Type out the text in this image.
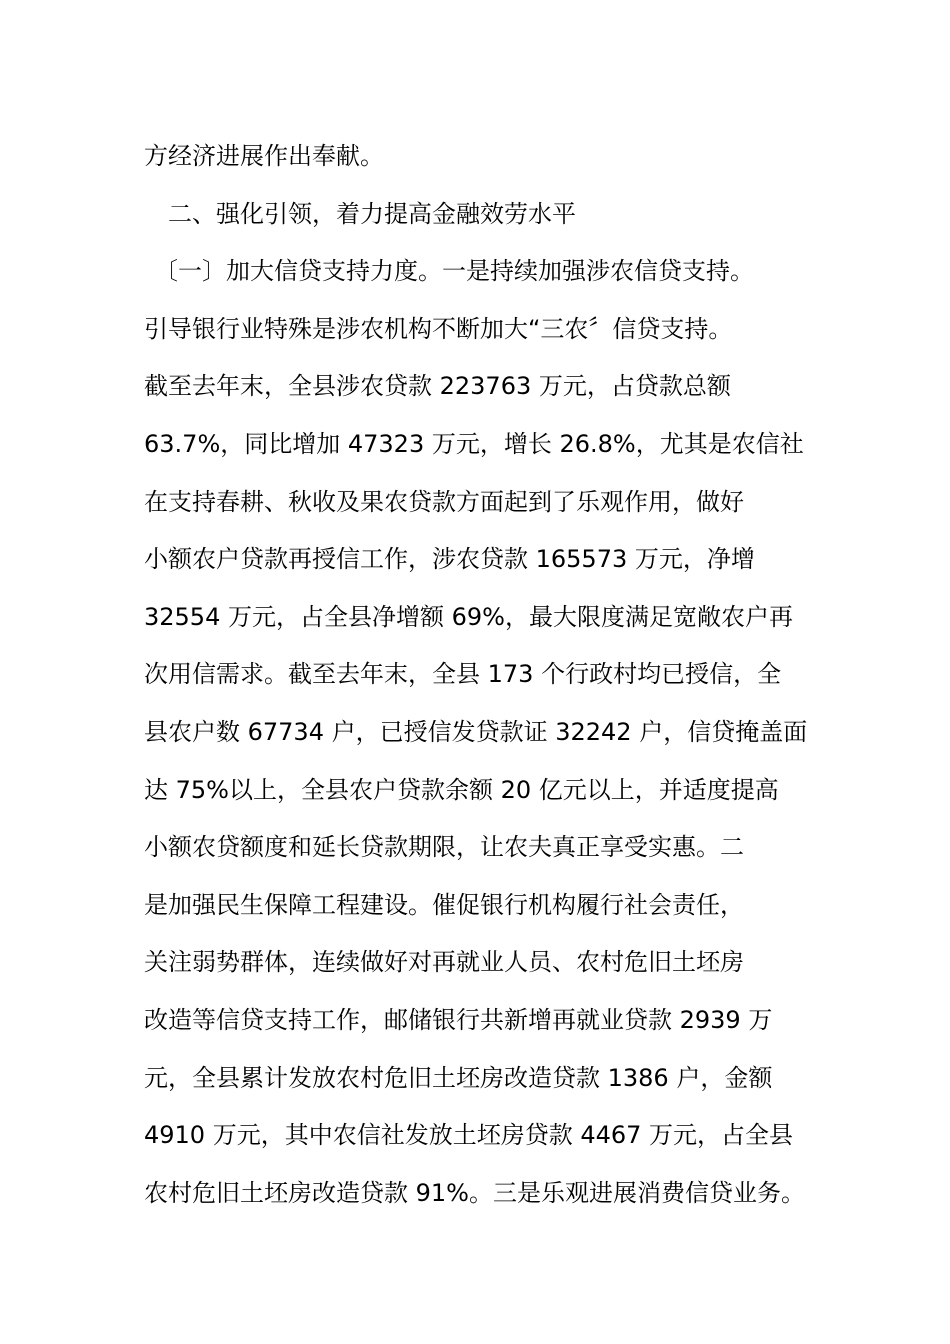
方经济进展作出奉献。
二、强化引领，着力提高金融效劳水平
〔一〕加大信贷支持力度。一是持续加强涉农信贷支持。
引导银行业特殊是涉农机构不断加大“三农〞信贷支持。
截至去年末，全县涉农贷款 223763 万元，占贷款总额
63.7%，同比增加 47323 万元，增长 26.8%，尤其是农信社
在支持春耕、秋收及果农贷款方面起到了乐观作用，做好
小额农户贷款再授信工作，涉农贷款 165573 万元，净增
32554 万元，占全县净增额 69%，最大限度满足宽敞农户再
次用信需求。截至去年末，全县 173 个行政村均已授信，全
县农户数 67734 户，已授信发贷款证 32242 户，信贷掩盖面
达 75%以上，全县农户贷款余额 20 亿元以上，并适度提高
小额农贷额度和延长贷款期限，让农夫真正享受实惠。二
是加强民生保障工程建设。催促银行机构履行社会责任，
关注弱势群体，连续做好对再就业人员、农村危旧土坯房
改造等信贷支持工作，邮储银行共新增再就业贷款 2939 万
元，全县累计发放农村危旧土坯房改造贷款 1386 户，金额
4910 万元，其中农信社发放土坯房贷款 4467 万元，占全县
农村危旧土坯房改造贷款 91%。三是乐观进展消费信贷业务。
